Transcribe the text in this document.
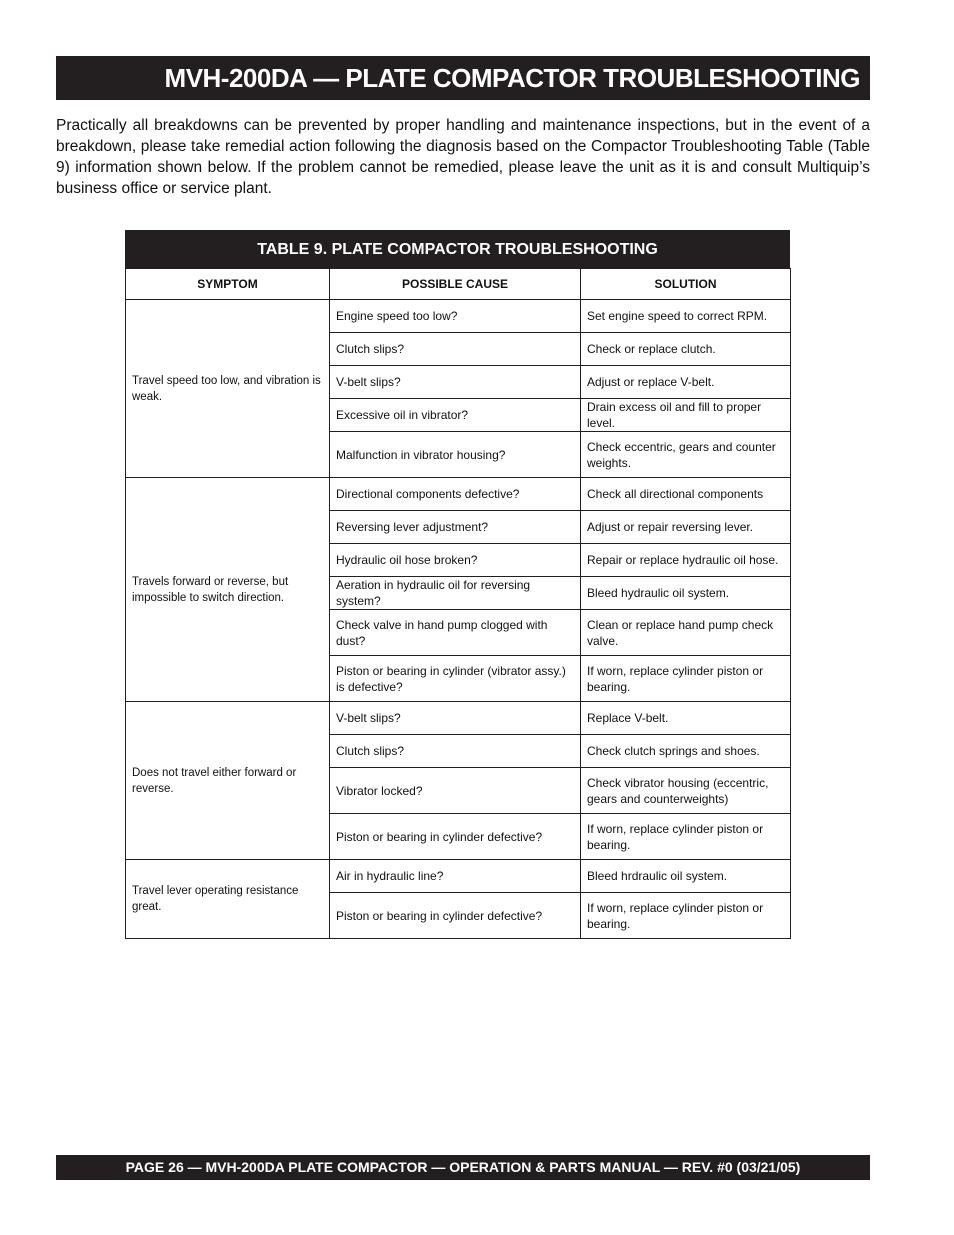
MVH-200DA — PLATE COMPACTOR TROUBLESHOOTING

Practically all breakdowns can be prevented by proper handling and maintenance inspections, but in the event of a breakdown, please take remedial action following the diagnosis based on the Compactor Troubleshooting Table (Table 9) information shown below. If the problem cannot be remedied, please leave the unit as it is and consult Multiquip’s business office or service plant.

TABLE 9. PLATE COMPACTOR TROUBLESHOOTING
SYMPTOM	POSSIBLE CAUSE	SOLUTION
Travel speed too low, and vibration is weak.	Engine speed too low?	Set engine speed to correct RPM.
	Clutch slips?	Check or replace clutch.
	V-belt slips?	Adjust or replace V-belt.
	Excessive oil in vibrator?	Drain excess oil and fill to proper level.
	Malfunction in vibrator housing?	Check eccentric, gears and counter weights.
Travels forward or reverse, but impossible to switch direction.	Directional components defective?	Check all directional components
	Reversing lever adjustment?	Adjust or repair reversing lever.
	Hydraulic oil hose broken?	Repair or replace hydraulic oil hose.
	Aeration in hydraulic oil for reversing system?	Bleed hydraulic oil system.
	Check valve in hand pump clogged with dust?	Clean or replace hand pump check valve.
	Piston or bearing in cylinder (vibrator assy.) is defective?	If worn, replace cylinder piston or bearing.
Does not travel either forward or reverse.	V-belt slips?	Replace V-belt.
	Clutch slips?	Check clutch springs and shoes.
	Vibrator locked?	Check vibrator housing (eccentric, gears and counterweights)
	Piston or bearing in cylinder defective?	If worn, replace cylinder piston or bearing.
Travel lever operating resistance great.	Air in hydraulic line?	Bleed hrdraulic oil system.
	Piston or bearing in cylinder defective?	If worn, replace cylinder piston or bearing.
PAGE 26 — MVH-200DA PLATE COMPACTOR — OPERATION & PARTS MANUAL — REV. #0 (03/21/05)
